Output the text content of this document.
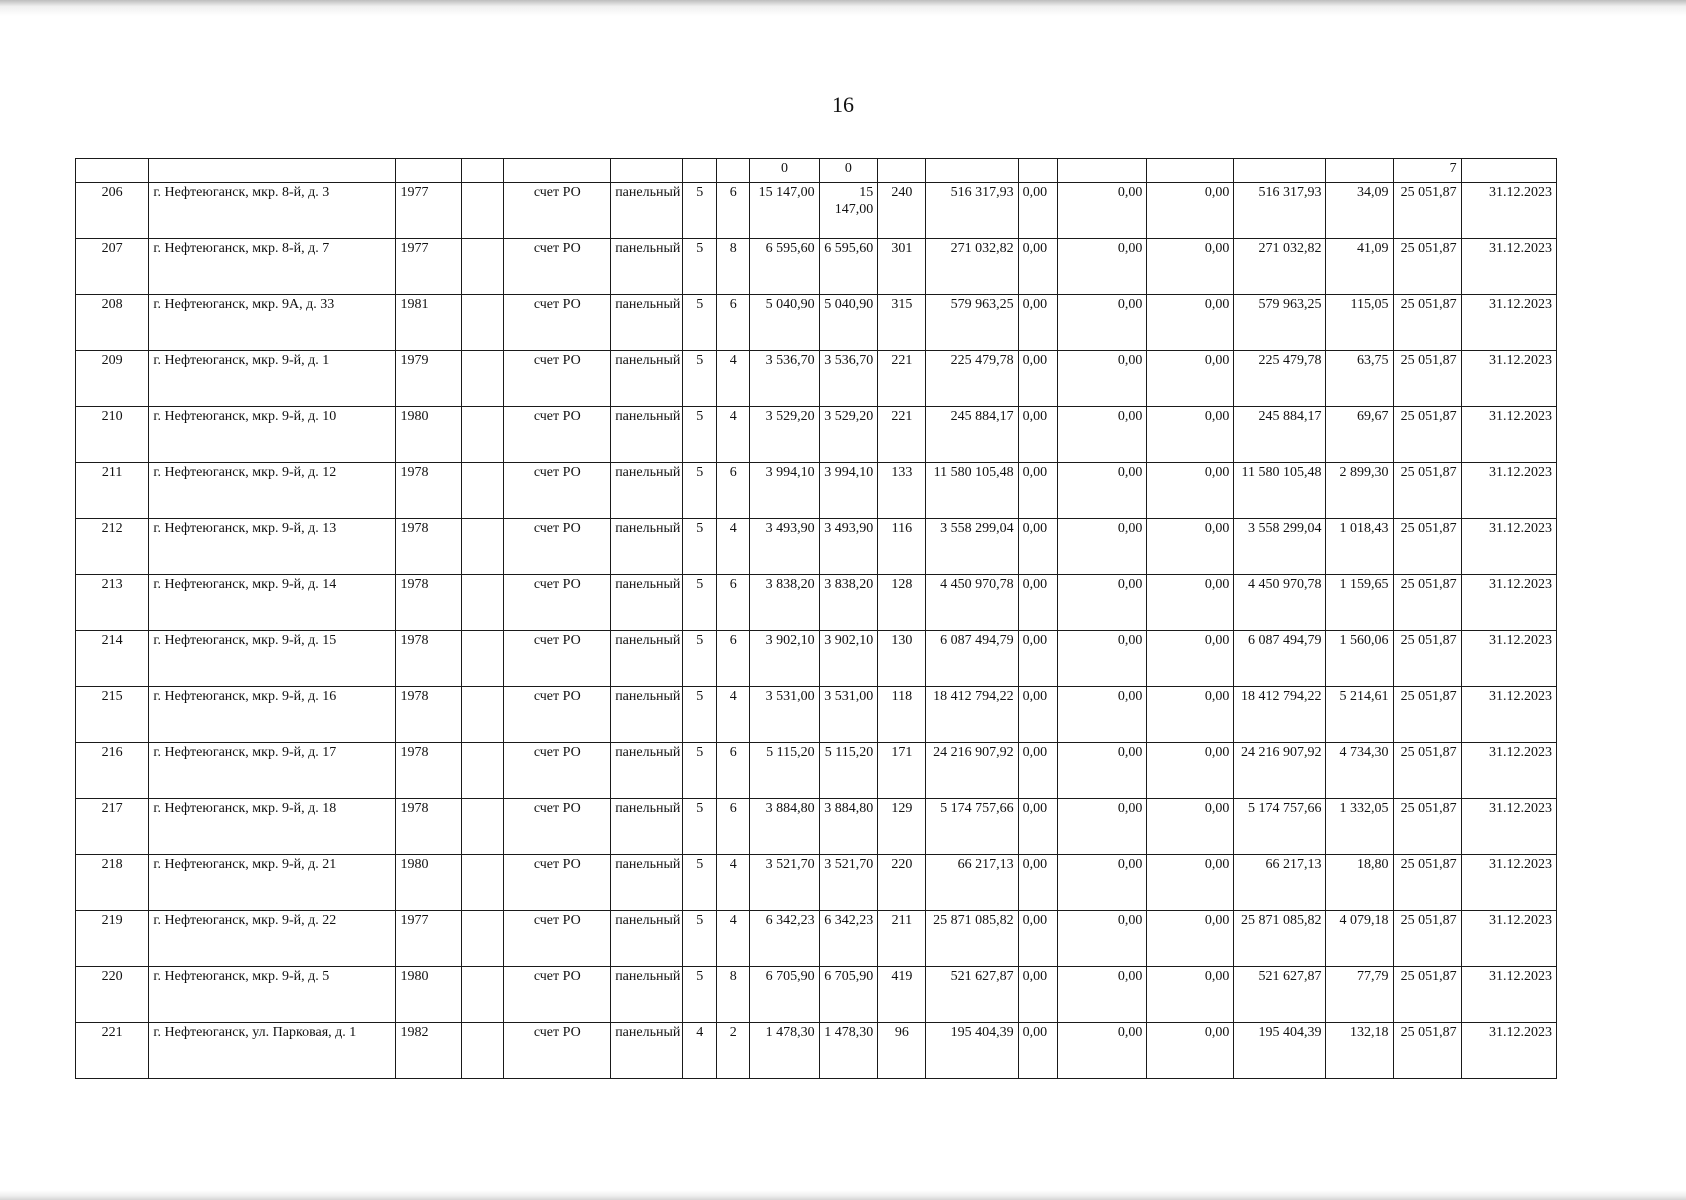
16
								0	0								7	
206	г. Нефтеюганск, мкр. 8-й, д. 3	1977		счет РО	панельный	5	6	15 147,00	15 147,00	240	516 317,93	0,00	0,00	0,00	516 317,93	34,09	25 051,87	31.12.2023
207	г. Нефтеюганск, мкр. 8-й, д. 7	1977		счет РО	панельный	5	8	6 595,60	6 595,60	301	271 032,82	0,00	0,00	0,00	271 032,82	41,09	25 051,87	31.12.2023
208	г. Нефтеюганск, мкр. 9А, д. 33	1981		счет РО	панельный	5	6	5 040,90	5 040,90	315	579 963,25	0,00	0,00	0,00	579 963,25	115,05	25 051,87	31.12.2023
209	г. Нефтеюганск, мкр. 9-й, д. 1	1979		счет РО	панельный	5	4	3 536,70	3 536,70	221	225 479,78	0,00	0,00	0,00	225 479,78	63,75	25 051,87	31.12.2023
210	г. Нефтеюганск, мкр. 9-й, д. 10	1980		счет РО	панельный	5	4	3 529,20	3 529,20	221	245 884,17	0,00	0,00	0,00	245 884,17	69,67	25 051,87	31.12.2023
211	г. Нефтеюганск, мкр. 9-й, д. 12	1978		счет РО	панельный	5	6	3 994,10	3 994,10	133	11 580 105,48	0,00	0,00	0,00	11 580 105,48	2 899,30	25 051,87	31.12.2023
212	г. Нефтеюганск, мкр. 9-й, д. 13	1978		счет РО	панельный	5	4	3 493,90	3 493,90	116	3 558 299,04	0,00	0,00	0,00	3 558 299,04	1 018,43	25 051,87	31.12.2023
213	г. Нефтеюганск, мкр. 9-й, д. 14	1978		счет РО	панельный	5	6	3 838,20	3 838,20	128	4 450 970,78	0,00	0,00	0,00	4 450 970,78	1 159,65	25 051,87	31.12.2023
214	г. Нефтеюганск, мкр. 9-й, д. 15	1978		счет РО	панельный	5	6	3 902,10	3 902,10	130	6 087 494,79	0,00	0,00	0,00	6 087 494,79	1 560,06	25 051,87	31.12.2023
215	г. Нефтеюганск, мкр. 9-й, д. 16	1978		счет РО	панельный	5	4	3 531,00	3 531,00	118	18 412 794,22	0,00	0,00	0,00	18 412 794,22	5 214,61	25 051,87	31.12.2023
216	г. Нефтеюганск, мкр. 9-й, д. 17	1978		счет РО	панельный	5	6	5 115,20	5 115,20	171	24 216 907,92	0,00	0,00	0,00	24 216 907,92	4 734,30	25 051,87	31.12.2023
217	г. Нефтеюганск, мкр. 9-й, д. 18	1978		счет РО	панельный	5	6	3 884,80	3 884,80	129	5 174 757,66	0,00	0,00	0,00	5 174 757,66	1 332,05	25 051,87	31.12.2023
218	г. Нефтеюганск, мкр. 9-й, д. 21	1980		счет РО	панельный	5	4	3 521,70	3 521,70	220	66 217,13	0,00	0,00	0,00	66 217,13	18,80	25 051,87	31.12.2023
219	г. Нефтеюганск, мкр. 9-й, д. 22	1977		счет РО	панельный	5	4	6 342,23	6 342,23	211	25 871 085,82	0,00	0,00	0,00	25 871 085,82	4 079,18	25 051,87	31.12.2023
220	г. Нефтеюганск, мкр. 9-й, д. 5	1980		счет РО	панельный	5	8	6 705,90	6 705,90	419	521 627,87	0,00	0,00	0,00	521 627,87	77,79	25 051,87	31.12.2023
221	г. Нефтеюганск, ул. Парковая, д. 1	1982		счет РО	панельный	4	2	1 478,30	1 478,30	96	195 404,39	0,00	0,00	0,00	195 404,39	132,18	25 051,87	31.12.2023
